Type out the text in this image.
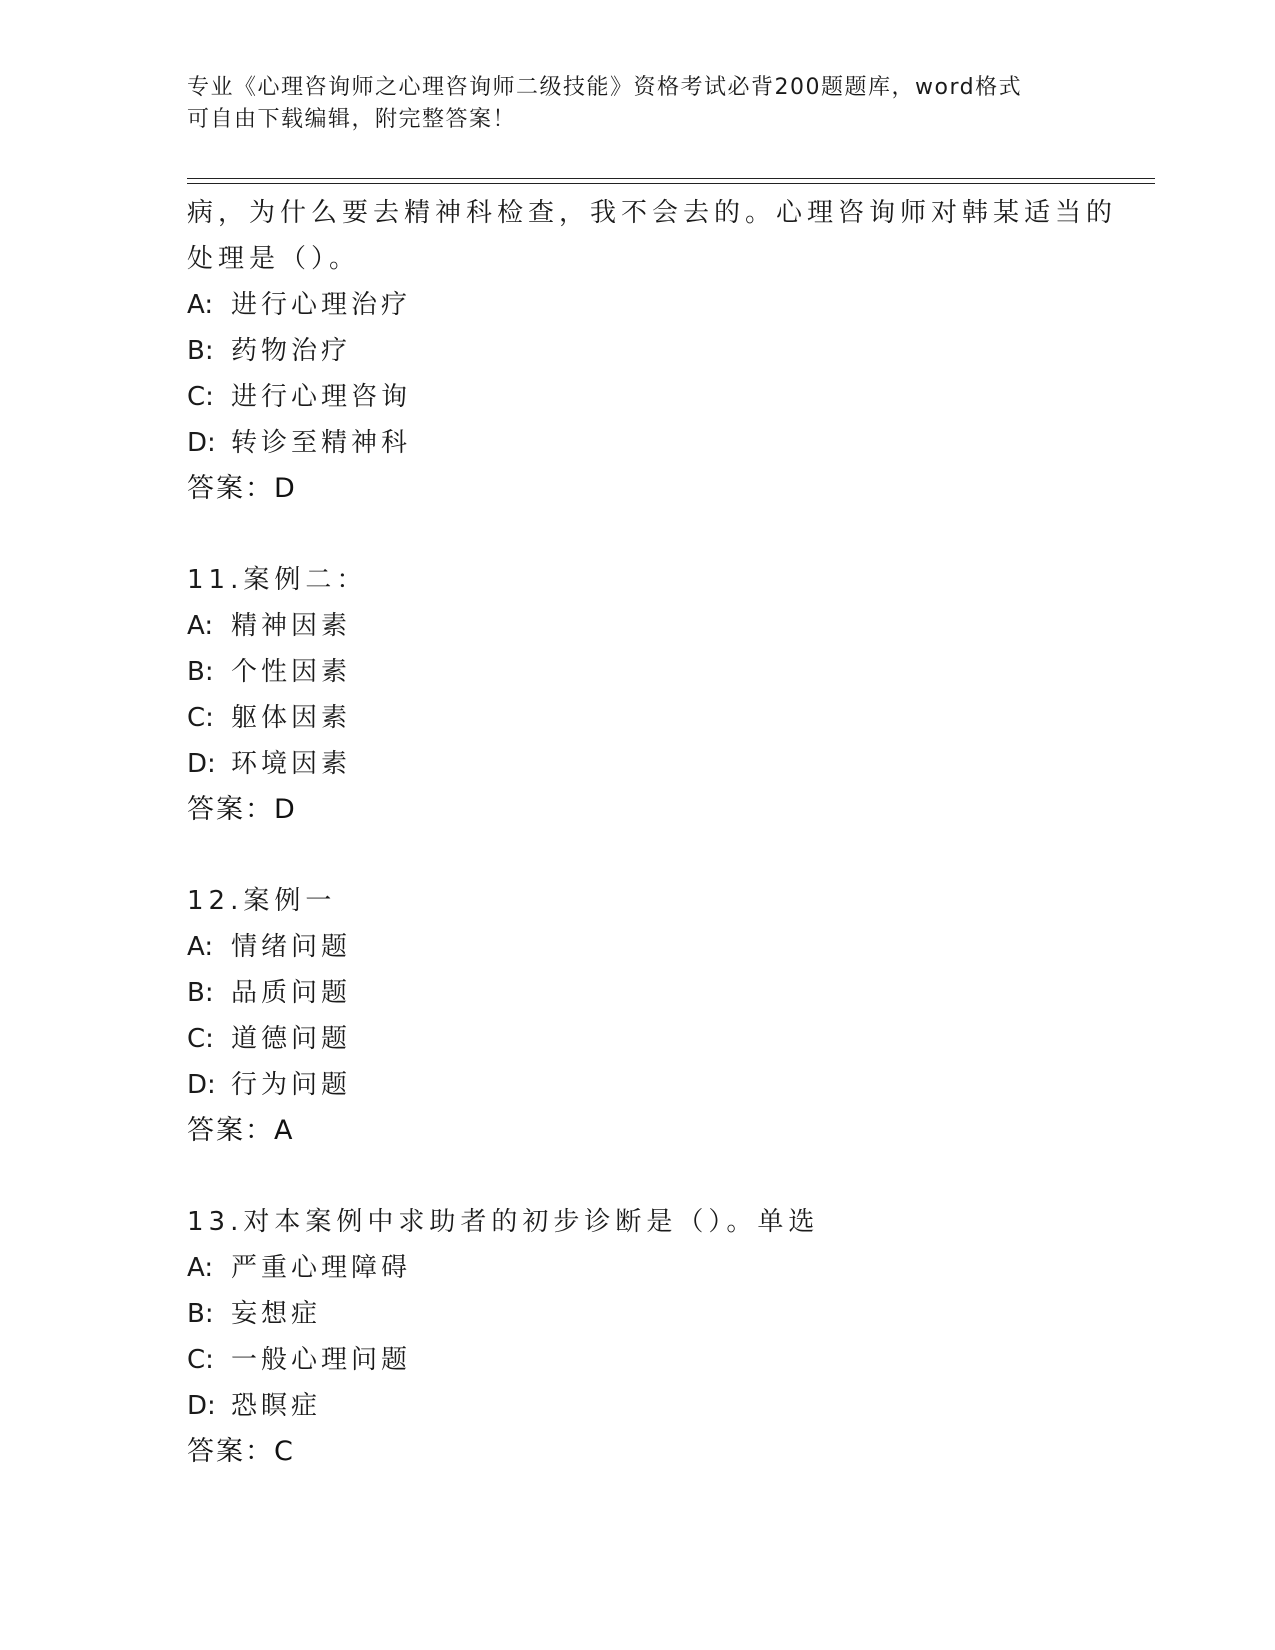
专业《心理咨询师之心理咨询师二级技能》资格考试必背200题题库，word格式
可自由下载编辑，附完整答案！
病，为什么要去精神科检查，我不会去的。心理咨询师对韩某适当的
处理是（）。
A: 进行心理治疗
B: 药物治疗
C: 进行心理咨询
D: 转诊至精神科
答案：D
11.案例二：
A: 精神因素
B: 个性因素
C: 躯体因素
D: 环境因素
答案：D
12.案例一
A: 情绪问题
B: 品质问题
C: 道德问题
D: 行为问题
答案：A
13.对本案例中求助者的初步诊断是（）。单选
A: 严重心理障碍
B: 妄想症
C: 一般心理问题
D: 恐瞑症
答案：C
